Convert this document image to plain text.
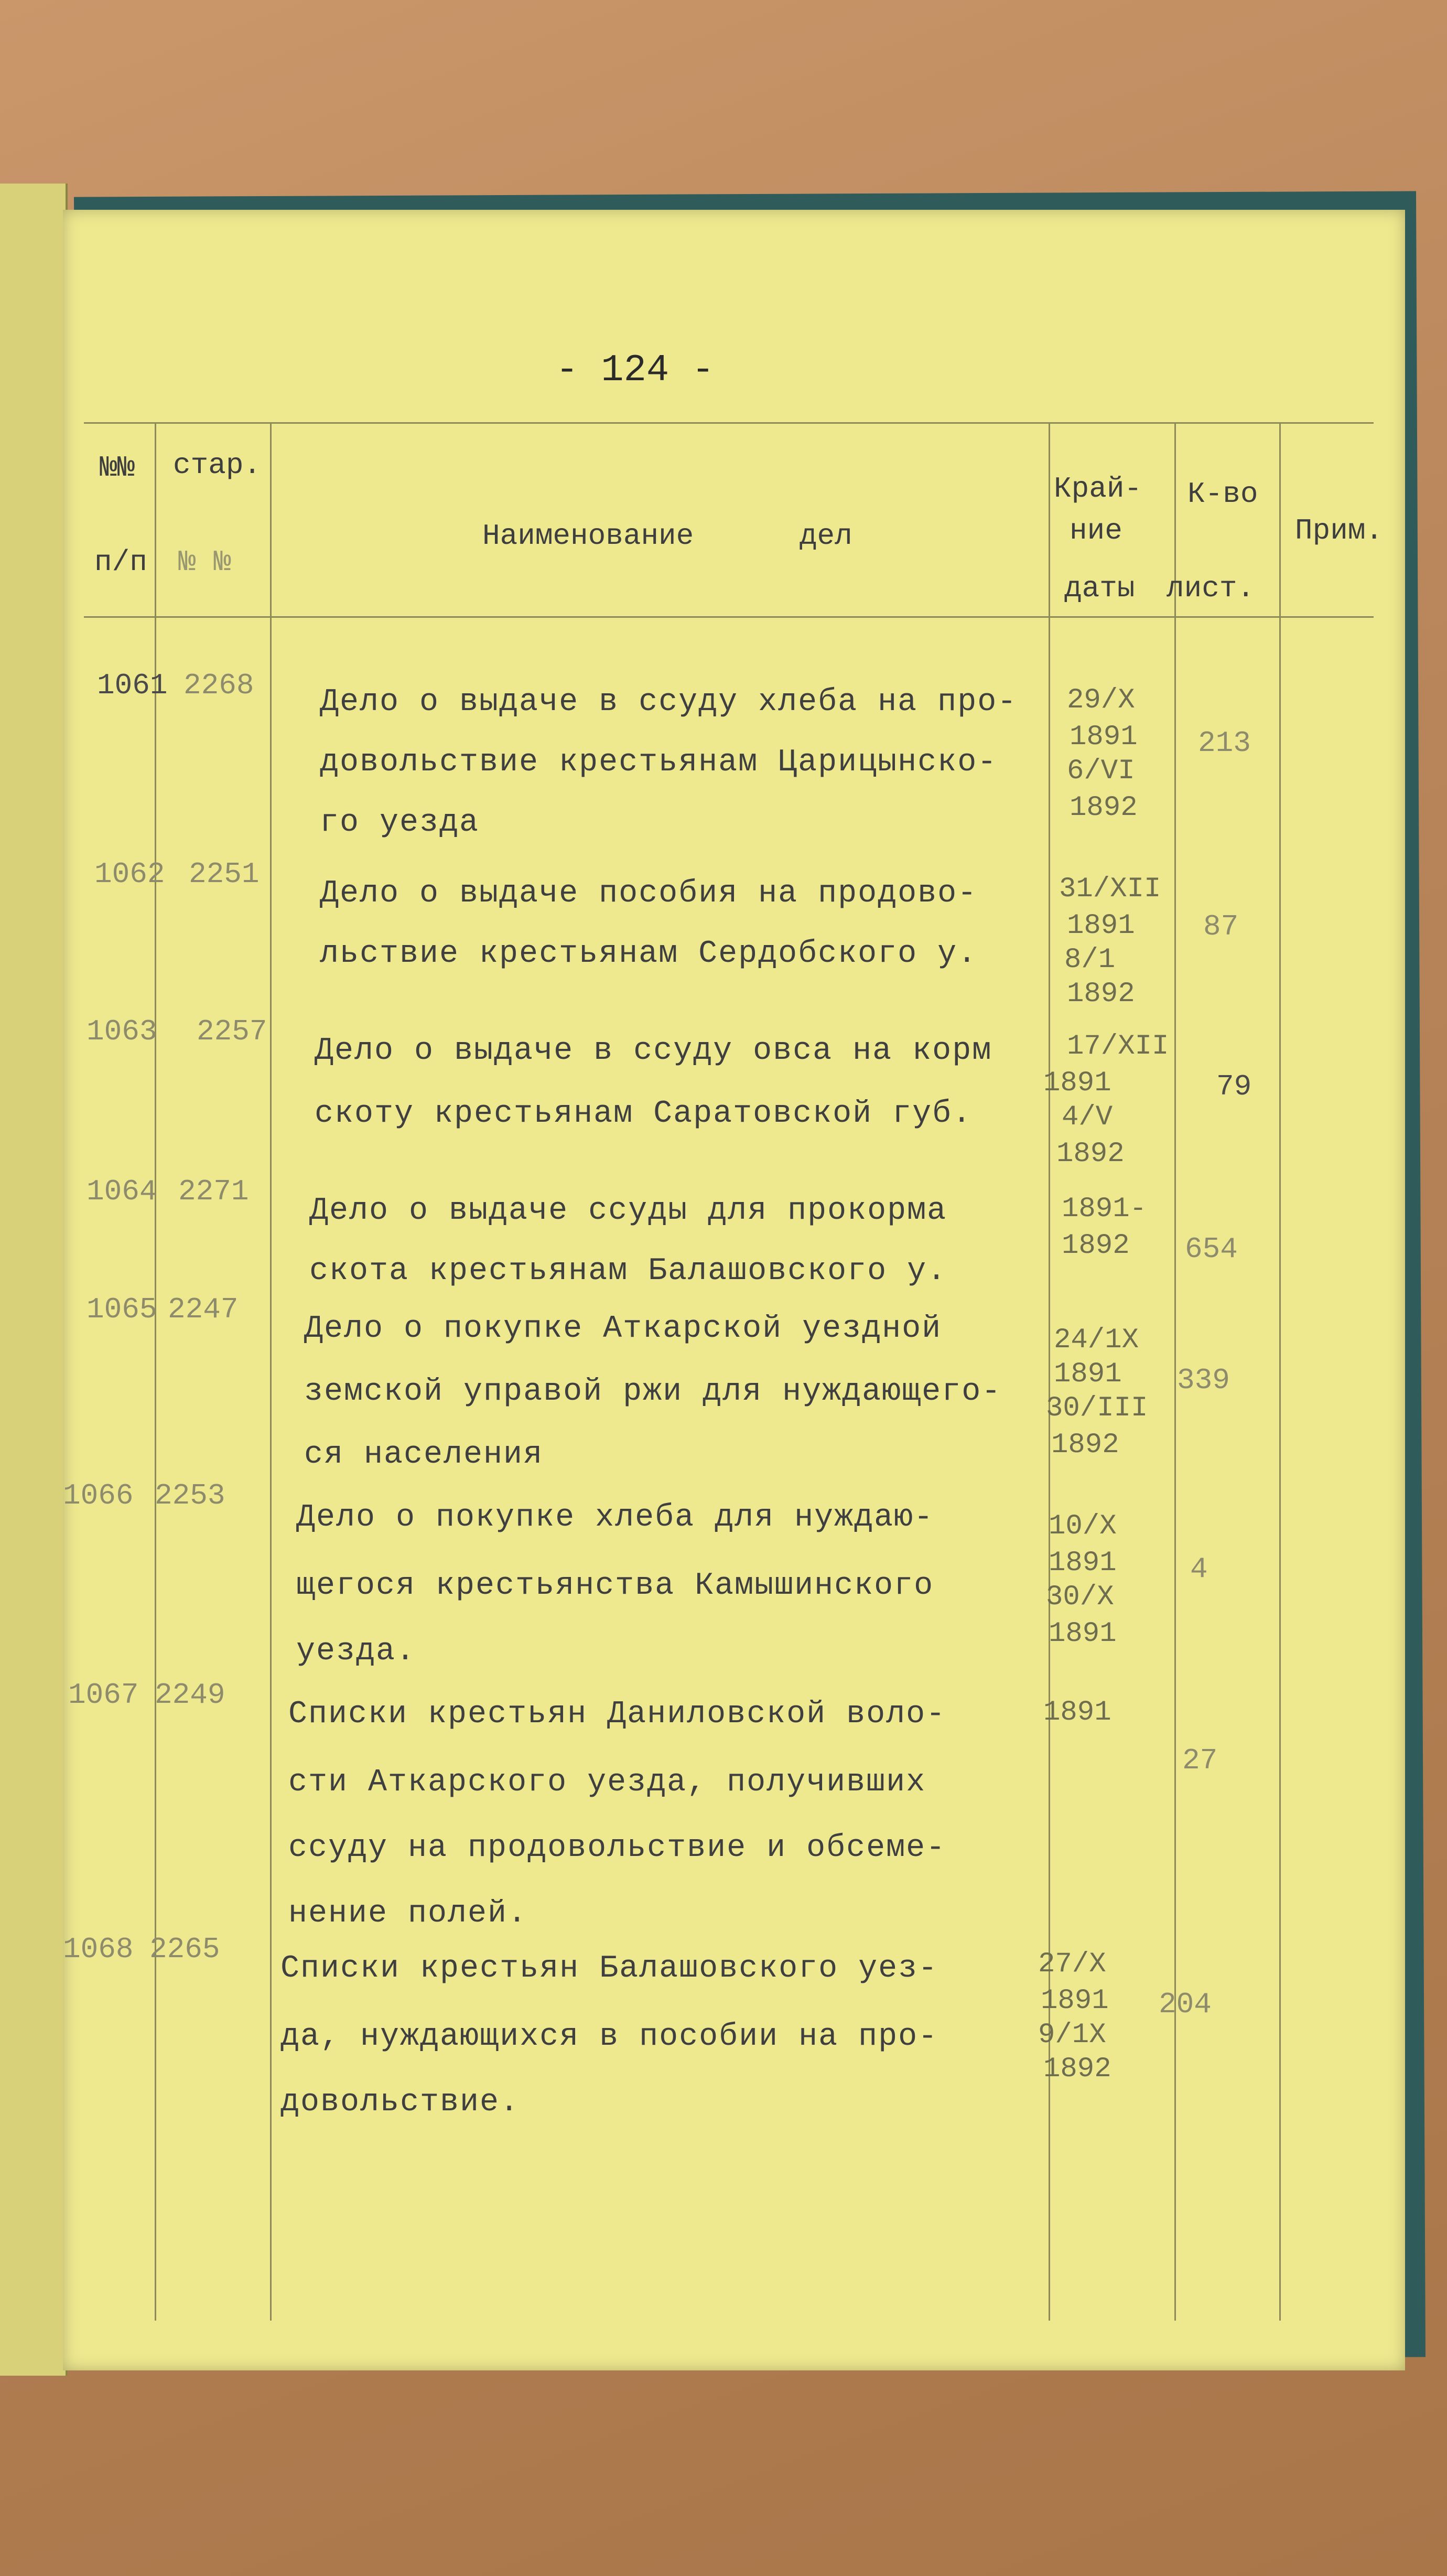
- 124 -
№№
п/п
стар.
№ №
Наименование      дел
Край-
ние
даты
К-во
лист.
Прим.
1061 2268 Дело о выдаче в ссуду хлеба на про-
довольствие крестьянам Царицынско-
го уезда
29/X
1891
6/VI
1892
213
1062 2251
Дело о выдаче пособия на продово-
льствие крестьянам Сердобского у.
31/XII
1891
8/1
1892
87
1063 2257
Дело о выдаче в ссуду овса на корм
скоту крестьянам Саратовской губ.
17/XII
1891
4/V
1892
79
1064 2271
Дело о выдаче ссуды для прокорма
скота крестьянам Балашовского у.
1891-
1892 654
1065 2247
Дело о покупке Аткарской уездной
земской управой ржи для нуждающего-
ся населения
24/1X
1891
30/III
1892
339
1066 2253
Дело о покупке хлеба для нуждаю-
щегося крестьянства Камышинского
уезда.
10/X
1891
30/X
1891
4
1067 2249
Списки крестьян Даниловской воло-
сти Аткарского уезда, получивших
ссуду на продовольствие и обсеме-
нение полей.
1891
27
1068 2265
Списки крестьян Балашовского уез-
да, нуждающихся в пособии на про-
довольствие.
27/X
1891
9/1X
1892
204
